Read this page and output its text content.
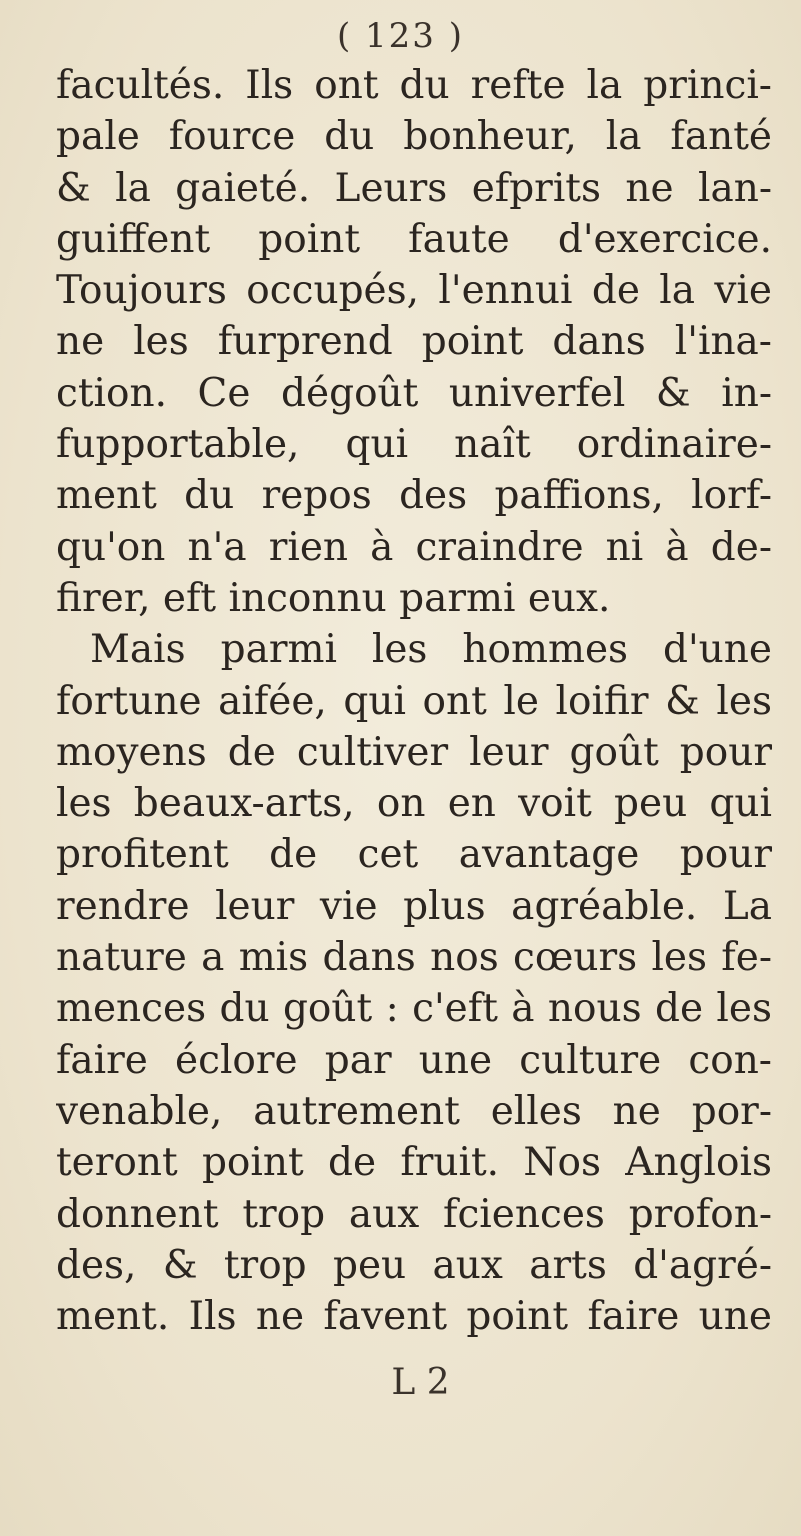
( 123 )
facultés. Ils ont du refte la princi-
pale fource du bonheur, la fanté
& la gaieté. Leurs efprits ne lan-
guiffent point faute d'exercice.
Toujours occupés, l'ennui de la vie
ne les furprend point dans l'ina-
ction. Ce dégoût univerfel & in-
fupportable, qui naît ordinaire-
ment du repos des paffions, lorf-
qu'on n'a rien à craindre ni à de-
firer, eft inconnu parmi eux.
Mais parmi les hommes d'une
fortune aifée, qui ont le loifir & les
moyens de cultiver leur goût pour
les beaux-arts, on en voit peu qui
profitent de cet avantage pour
rendre leur vie plus agréable. La
nature a mis dans nos cœurs les fe-
mences du goût : c'eft à nous de les
faire éclore par une culture con-
venable, autrement elles ne por-
teront point de fruit. Nos Anglois
donnent trop aux fciences profon-
des, & trop peu aux arts d'agré-
ment. Ils ne favent point faire une
L 2
